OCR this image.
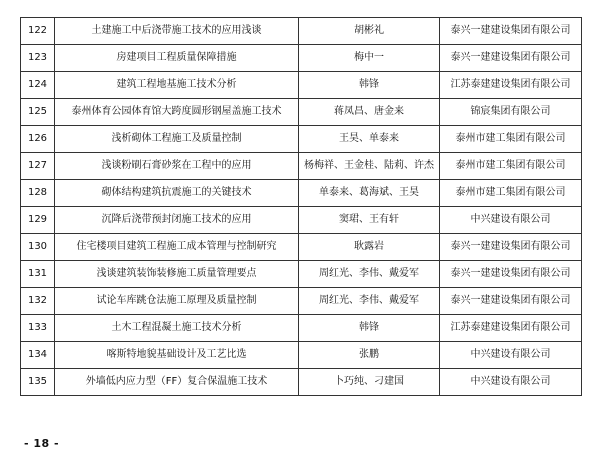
122	土建施工中后浇带施工技术的应用浅谈	胡彬礼	泰兴一建建设集团有限公司
123	房建项目工程质量保障措施	梅中一	泰兴一建建设集团有限公司
124	建筑工程地基施工技术分析	韩锋	江苏泰建建设集团有限公司
125	泰州体育公园体育馆大跨度圆形钢屋盖施工技术	蒋凤昌、唐金来	锦宸集团有限公司
126	浅析砌体工程施工及质量控制	王昊、单泰来	泰州市建工集团有限公司
127	浅谈粉刷石膏砂浆在工程中的应用	杨梅祥、王金桂、陆莉、许杰	泰州市建工集团有限公司
128	砌体结构建筑抗震施工的关键技术	单泰来、葛海斌、王昊	泰州市建工集团有限公司
129	沉降后浇带预封闭施工技术的应用	窦珺、王有轩	中兴建设有限公司
130	住宅楼项目建筑工程施工成本管理与控制研究	耿露岩	泰兴一建建设集团有限公司
131	浅谈建筑装饰装修施工质量管理要点	周红光、李伟、戴爱军	泰兴一建建设集团有限公司
132	试论车库跳仓法施工原理及质量控制	周红光、李伟、戴爱军	泰兴一建建设集团有限公司
133	土木工程混凝土施工技术分析	韩锋	江苏泰建建设集团有限公司
134	喀斯特地貌基础设计及工艺比选	张鹏	中兴建设有限公司
135	外墙低内应力型（FF）复合保温施工技术	卜巧纯、刁建国	中兴建设有限公司
- 18 -
